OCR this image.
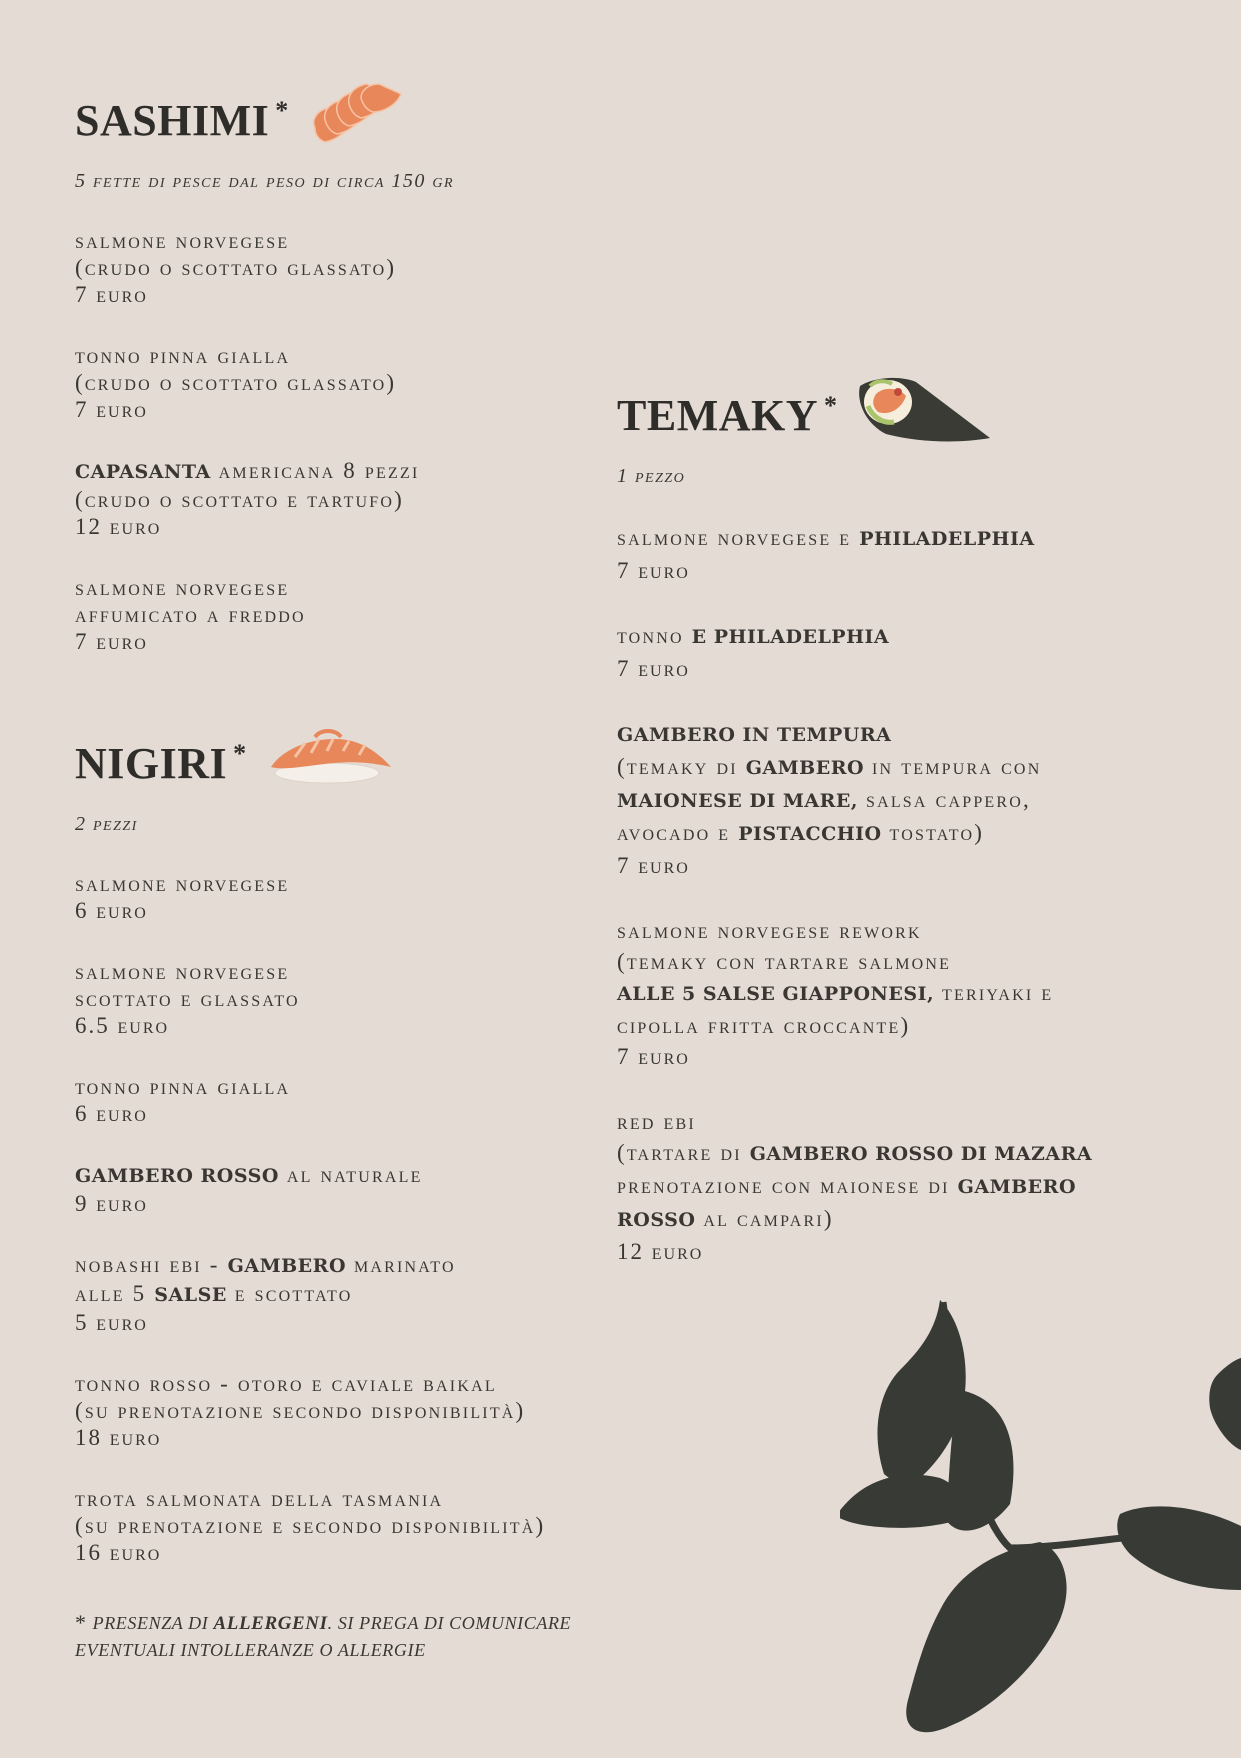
SASHIMI *
5 fette di pesce dal peso di circa 150 gr
salmone norvegese
(crudo o scottato glassato)
7 euro
tonno pinna gialla
(crudo o scottato glassato)
7 euro
CAPASANTA americana 8 pezzi
(crudo o scottato e tartufo)
12 euro
salmone norvegese
affumicato a freddo
7 euro
NIGIRI *
2 pezzi
salmone norvegese
6 euro
salmone norvegese
scottato e glassato
6.5 euro
tonno pinna gialla
6 euro
GAMBERO ROSSO al naturale
9 euro
nobashi ebi - GAMBERO marinato
alle 5 SALSE e scottato
5 euro
tonno rosso - otoro e caviale baikal
(su prenotazione secondo disponibilità)
18 euro
trota salmonata della tasmania
(su prenotazione e secondo disponibilità)
16 euro
TEMAKY *
1 pezzo
salmone norvegese e PHILADELPHIA
7 euro
tonno E PHILADELPHIA
7 euro
GAMBERO IN TEMPURA
(temaky di GAMBERO in tempura con
MAIONESE DI MARE, salsa cappero,
avocado e PISTACCHIO tostato)
7 euro
salmone norvegese rework
(temaky con tartare salmone
ALLE 5 SALSE GIAPPONESI, teriyaki e
cipolla fritta croccante)
7 euro
red ebi
(tartare di GAMBERO ROSSO DI MAZARA
prenotazione con maionese di GAMBERO
ROSSO al campari)
12 euro
* PRESENZA DI ALLERGENI. SI PREGA DI COMUNICARE
EVENTUALI INTOLLERANZE O ALLERGIE
